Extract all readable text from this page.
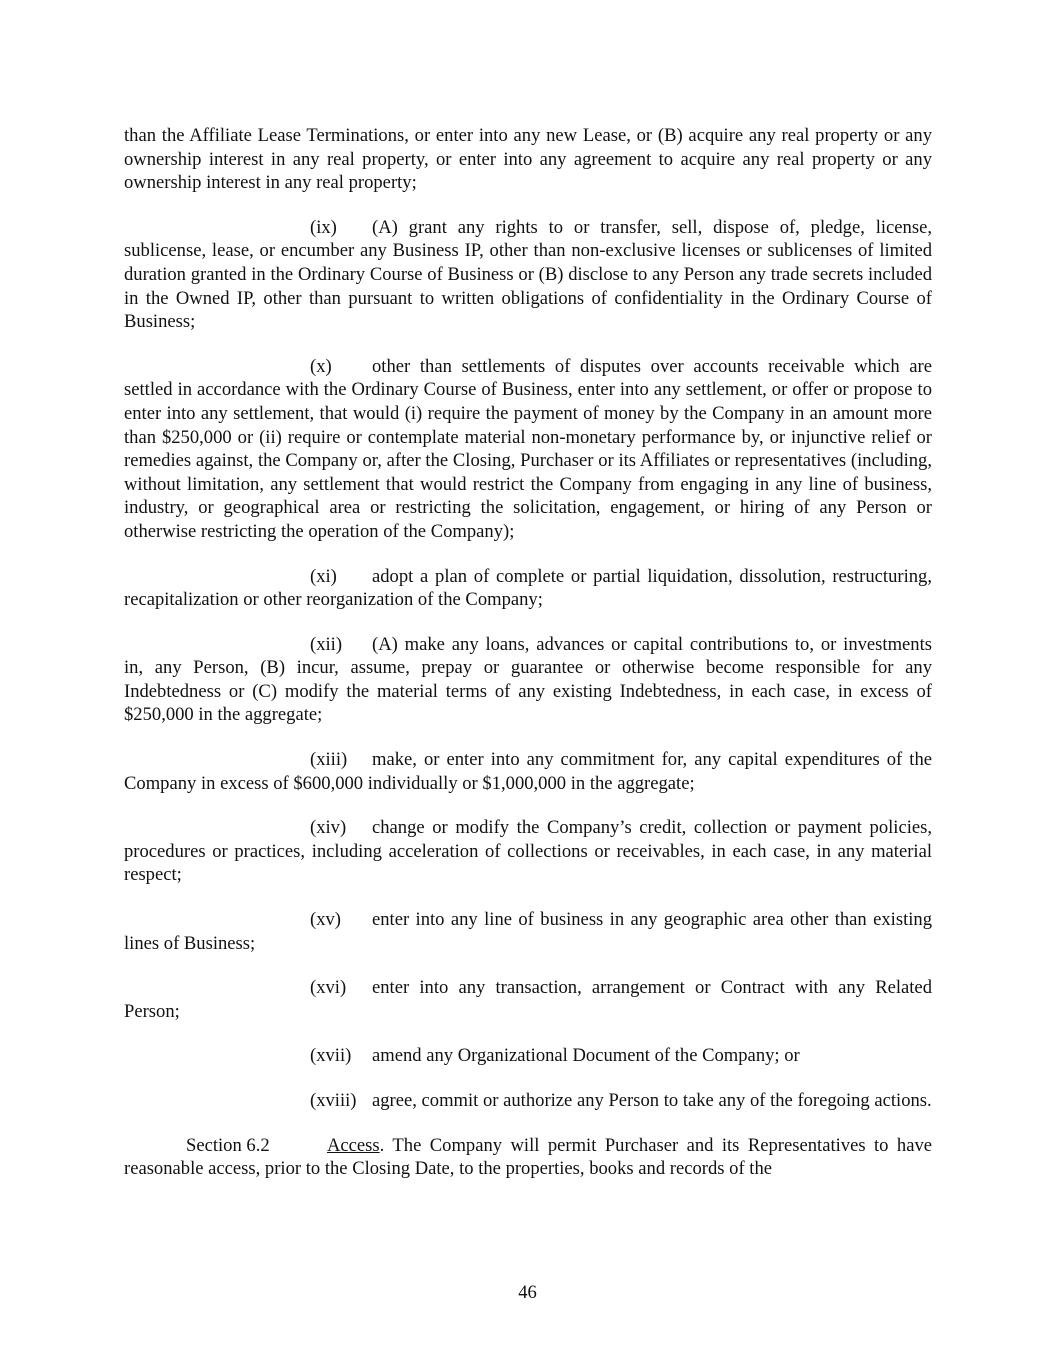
than the Affiliate Lease Terminations, or enter into any new Lease, or (B) acquire any real property or any ownership interest in any real property, or enter into any agreement to acquire any real property or any ownership interest in any real property;

(ix) (A) grant any rights to or transfer, sell, dispose of, pledge, license, sublicense, lease, or encumber any Business IP, other than non-exclusive licenses or sublicenses of limited duration granted in the Ordinary Course of Business or (B) disclose to any Person any trade secrets included in the Owned IP, other than pursuant to written obligations of confidentiality in the Ordinary Course of Business;

(x) other than settlements of disputes over accounts receivable which are settled in accordance with the Ordinary Course of Business, enter into any settlement, or offer or propose to enter into any settlement, that would (i) require the payment of money by the Company in an amount more than $250,000 or (ii) require or contemplate material non-monetary performance by, or injunctive relief or remedies against, the Company or, after the Closing, Purchaser or its Affiliates or representatives (including, without limitation, any settlement that would restrict the Company from engaging in any line of business, industry, or geographical area or restricting the solicitation, engagement, or hiring of any Person or otherwise restricting the operation of the Company);

(xi) adopt a plan of complete or partial liquidation, dissolution, restructuring, recapitalization or other reorganization of the Company;

(xii) (A) make any loans, advances or capital contributions to, or investments in, any Person, (B) incur, assume, prepay or guarantee or otherwise become responsible for any Indebtedness or (C) modify the material terms of any existing Indebtedness, in each case, in excess of $250,000 in the aggregate;

(xiii) make, or enter into any commitment for, any capital expenditures of the Company in excess of $600,000 individually or $1,000,000 in the aggregate;

(xiv) change or modify the Company’s credit, collection or payment policies, procedures or practices, including acceleration of collections or receivables, in each case, in any material respect;

(xv) enter into any line of business in any geographic area other than existing lines of Business;

(xvi) enter into any transaction, arrangement or Contract with any Related Person;

(xvii) amend any Organizational Document of the Company; or

(xviii) agree, commit or authorize any Person to take any of the foregoing actions.

Section 6.2	Access. The Company will permit Purchaser and its Representatives to have reasonable access, prior to the Closing Date, to the properties, books and records of the

46
